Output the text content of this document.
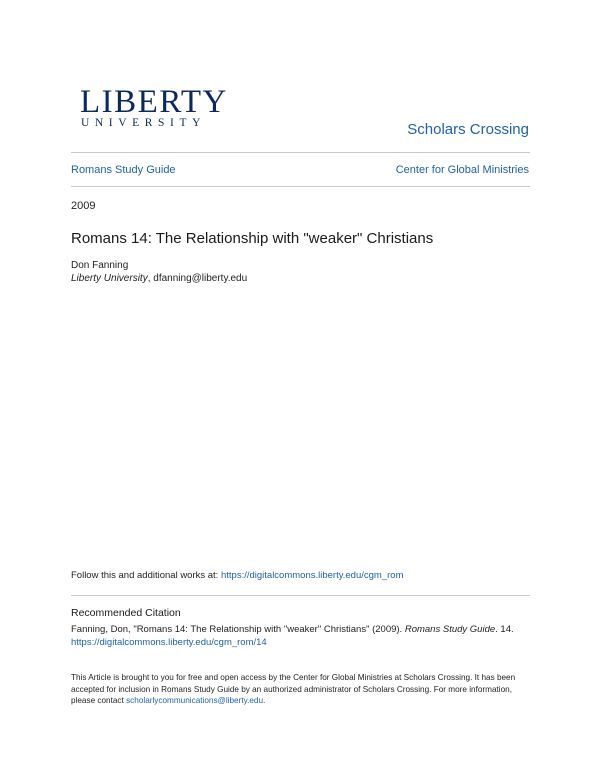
LIBERTY
UNIVERSITY	Scholars Crossing
Romans Study Guide	Center for Global Ministries
2009
Romans 14: The Relationship with "weaker" Christians
Don Fanning
Liberty University, dfanning@liberty.edu
Follow this and additional works at: https://digitalcommons.liberty.edu/cgm_rom
Recommended Citation
Fanning, Don, "Romans 14: The Relationship with "weaker" Christians" (2009). Romans Study Guide. 14.
https://digitalcommons.liberty.edu/cgm_rom/14
This Article is brought to you for free and open access by the Center for Global Ministries at Scholars Crossing. It has been accepted for inclusion in Romans Study Guide by an authorized administrator of Scholars Crossing. For more information, please contact scholarlycommunications@liberty.edu.
